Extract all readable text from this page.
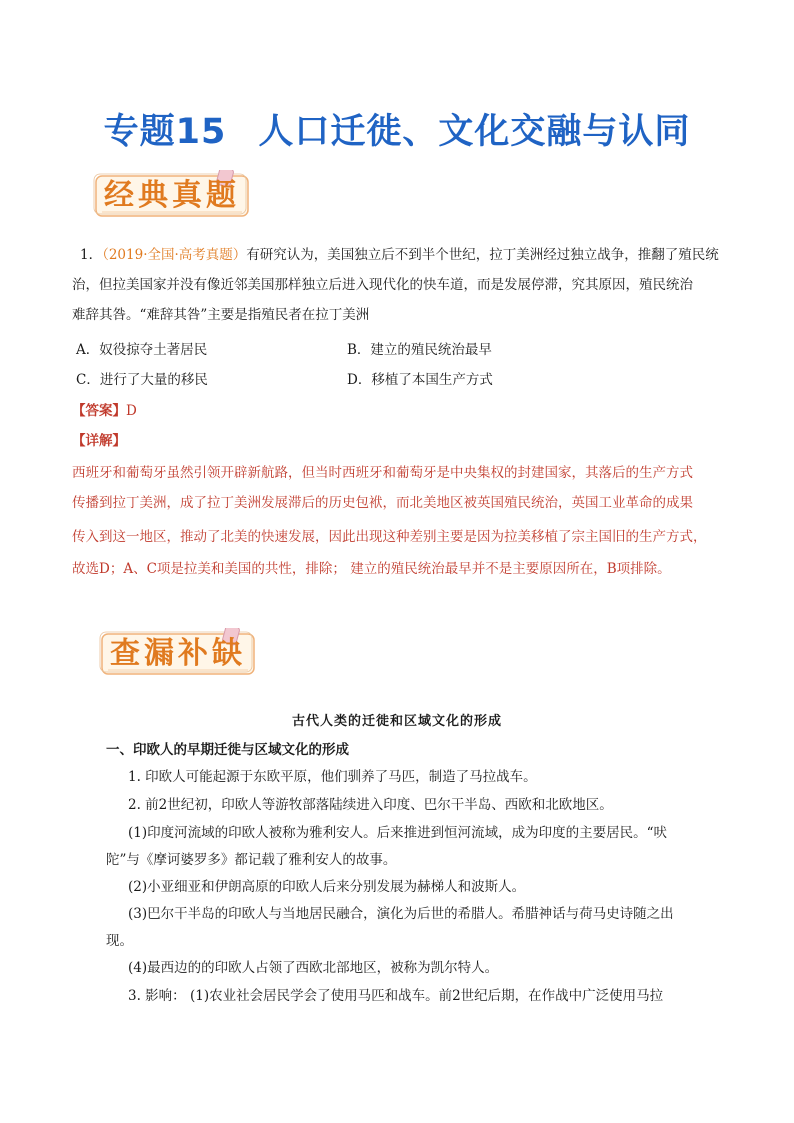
专题15 人口迁徙、文化交融与认同
经典真题
1．（2019·全国·高考真题）有研究认为，美国独立后不到半个世纪，拉丁美洲经过独立战争，推翻了殖民统
治，但拉美国家并没有像近邻美国那样独立后进入现代化的快车道，而是发展停滞，究其原因，殖民统治
难辞其咎。“难辞其咎”主要是指殖民者在拉丁美洲
A．奴役掠夺土著居民	B．建立的殖民统治最早
C．进行了大量的移民	D．移植了本国生产方式
【答案】D
【详解】
西班牙和葡萄牙虽然引领开辟新航路，但当时西班牙和葡萄牙是中央集权的封建国家，其落后的生产方式
传播到拉丁美洲，成了拉丁美洲发展滞后的历史包袱，而北美地区被英国殖民统治，英国工业革命的成果
传入到这一地区，推动了北美的快速发展，因此出现这种差别主要是因为拉美移植了宗主国旧的生产方式，
故选D；A、C项是拉美和美国的共性，排除； 建立的殖民统治最早并不是主要原因所在，B项排除。
查漏补缺
古代人类的迁徙和区域文化的形成
一、印欧人的早期迁徙与区域文化的形成
1. 印欧人可能起源于东欧平原，他们驯养了马匹，制造了马拉战车。
2. 前2世纪初，印欧人等游牧部落陆续进入印度、巴尔干半岛、西欧和北欧地区。
(1)印度河流域的印欧人被称为雅利安人。后来推进到恒河流域，成为印度的主要居民。“吠
陀”与《摩诃婆罗多》都记载了雅利安人的故事。
(2)小亚细亚和伊朗高原的印欧人后来分别发展为赫梯人和波斯人。
(3)巴尔干半岛的印欧人与当地居民融合，演化为后世的希腊人。希腊神话与荷马史诗随之出
现。
(4)最西边的的印欧人占领了西欧北部地区，被称为凯尔特人。
3. 影响： (1)农业社会居民学会了使用马匹和战车。前2世纪后期，在作战中广泛使用马拉
